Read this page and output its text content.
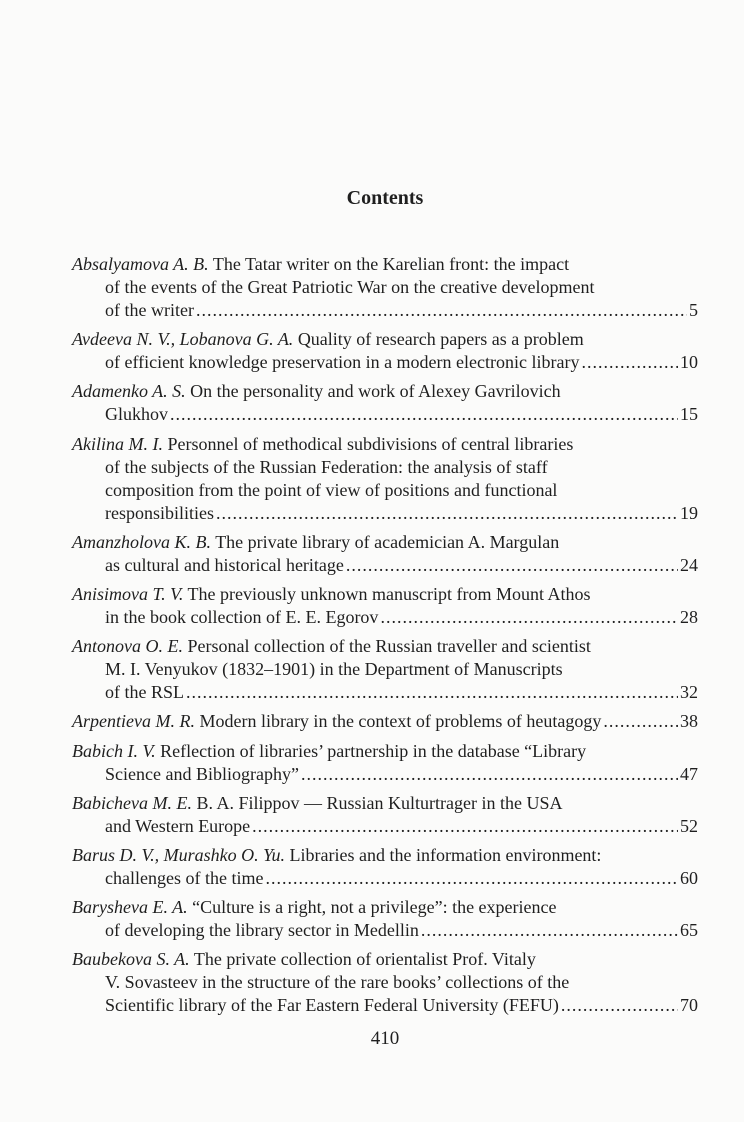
Contents
Absalyamova A. B. The Tatar writer on the Karelian front: the impact
of the events of the Great Patriotic War on the creative development
of the writer .....	5
Avdeeva N. V., Lobanova G. A. Quality of research papers as a problem
of efficient knowledge preservation in a modern electronic library .....	10
Adamenko A. S. On the personality and work of Alexey Gavrilovich
Glukhov .....	15
Akilina M. I. Personnel of methodical subdivisions of central libraries
of the subjects of the Russian Federation: the analysis of staff
composition from the point of view of positions and functional
responsibilities .....	19
Amanzholova K. B. The private library of academician A. Margulan
as cultural and historical heritage .....	24
Anisimova T. V. The previously unknown manuscript from Mount Athos
in the book collection of E. E. Egorov .....	28
Antonova O. E. Personal collection of the Russian traveller and scientist
M. I. Venyukov (1832–1901) in the Department of Manuscripts
of the RSL .....	32
Arpentieva M. R. Modern library in the context of problems of heutagogy .....	38
Babich I. V. Reflection of libraries’ partnership in the database “Library
Science and Bibliography” .....	47
Babicheva M. E. B. A. Filippov — Russian Kulturtrager in the USA
and Western Europe .....	52
Barus D. V., Murashko O. Yu. Libraries and the information environment:
challenges of the time .....	60
Barysheva E. A. “Culture is a right, not a privilege”: the experience
of developing the library sector in Medellin .....	65
Baubekova S. A. The private collection of orientalist Prof. Vitaly
V. Sovasteev in the structure of the rare books’ collections of the
Scientific library of the Far Eastern Federal University (FEFU) .....	70
410
